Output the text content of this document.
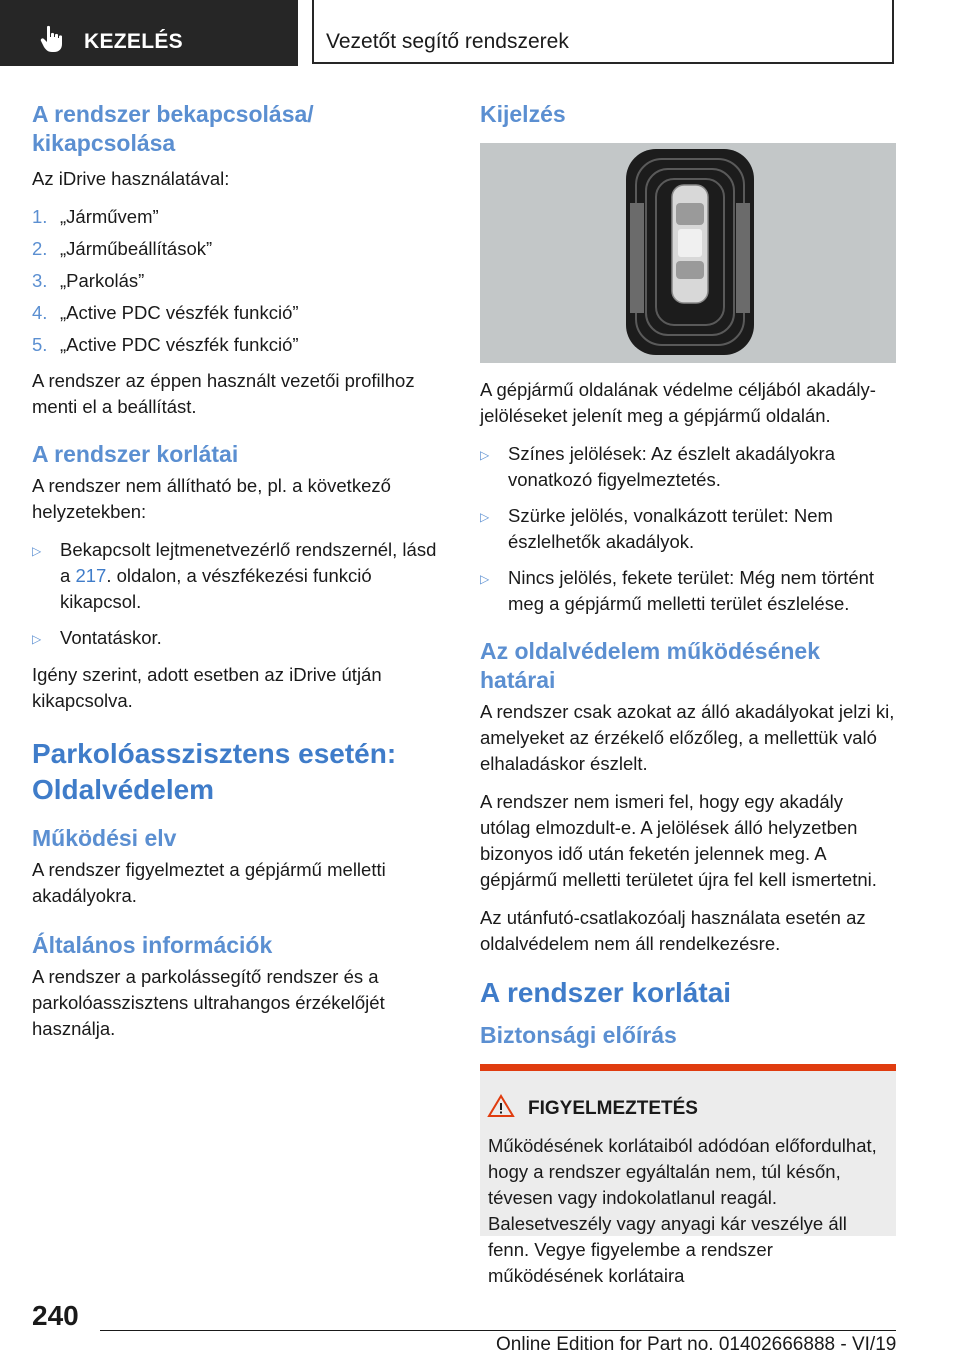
KEZELÉS	Vezetőt segítő rendszerek
A rendszer bekapcsolása/
kikapcsolása

Az iDrive használatával:

1. „Járművem”
2. „Járműbeállítások”
3. „Parkolás”
4. „Active PDC vészfék funkció”
5. „Active PDC vészfék funkció”

A rendszer az éppen használt vezetői profilhoz menti el a beállítást.

A rendszer korlátai

A rendszer nem állítható be, pl. a következő helyzetekben:

▷	Bekapcsolt lejtmenetvezérlő rendszernél, lásd a 217. oldalon, a vészfékezési funkció kikapcsol.
▷	Vontatáskor.

Igény szerint, adott esetben az iDrive útján kikapcsolva.

Parkolóasszisztens esetén: Oldalvédelem
Működési elv

A rendszer figyelmeztet a gépjármű melletti akadályokra.

Általános információk

A rendszer a parkolássegítő rendszer és a parkolóasszisztens ultrahangos érzékelőjét használja.

Kijelzés

A gépjármű oldalának védelme céljából akadály-jelöléseket jelenít meg a gépjármű oldalán.

▷	Színes jelölések: Az észlelt akadályokra vonatkozó figyelmeztetés.
▷	Szürke jelölés, vonalkázott terület: Nem észlelhetők akadályok.
▷	Nincs jelölés, fekete terület: Még nem történt meg a gépjármű melletti terület észlelése.
Az oldalvédelem működésének határai

A rendszer csak azokat az álló akadályokat jelzi ki, amelyeket az érzékelő előzőleg, a mellettük való elhaladáskor észlelt.

A rendszer nem ismeri fel, hogy egy akadály utólag elmozdult-e. A jelölések álló helyzetben bizonyos idő után feketén jelennek meg. A gépjármű melletti területet újra fel kell ismertetni.

Az utánfutó-csatlakozóalj használata esetén az oldalvédelem nem áll rendelkezésre.

A rendszer korlátai
Biztonsági előírás
FIGYELMEZTETÉS

Működésének korlátaiból adódóan előfordulhat, hogy a rendszer egyáltalán nem, túl későn, tévesen vagy indokolatlanul reagál. Balesetveszély vagy anyagi kár veszélye áll fenn. Vegye figyelembe a rendszer működésének korlátaira

240
Online Edition for Part no. 01402666888 - VI/19
